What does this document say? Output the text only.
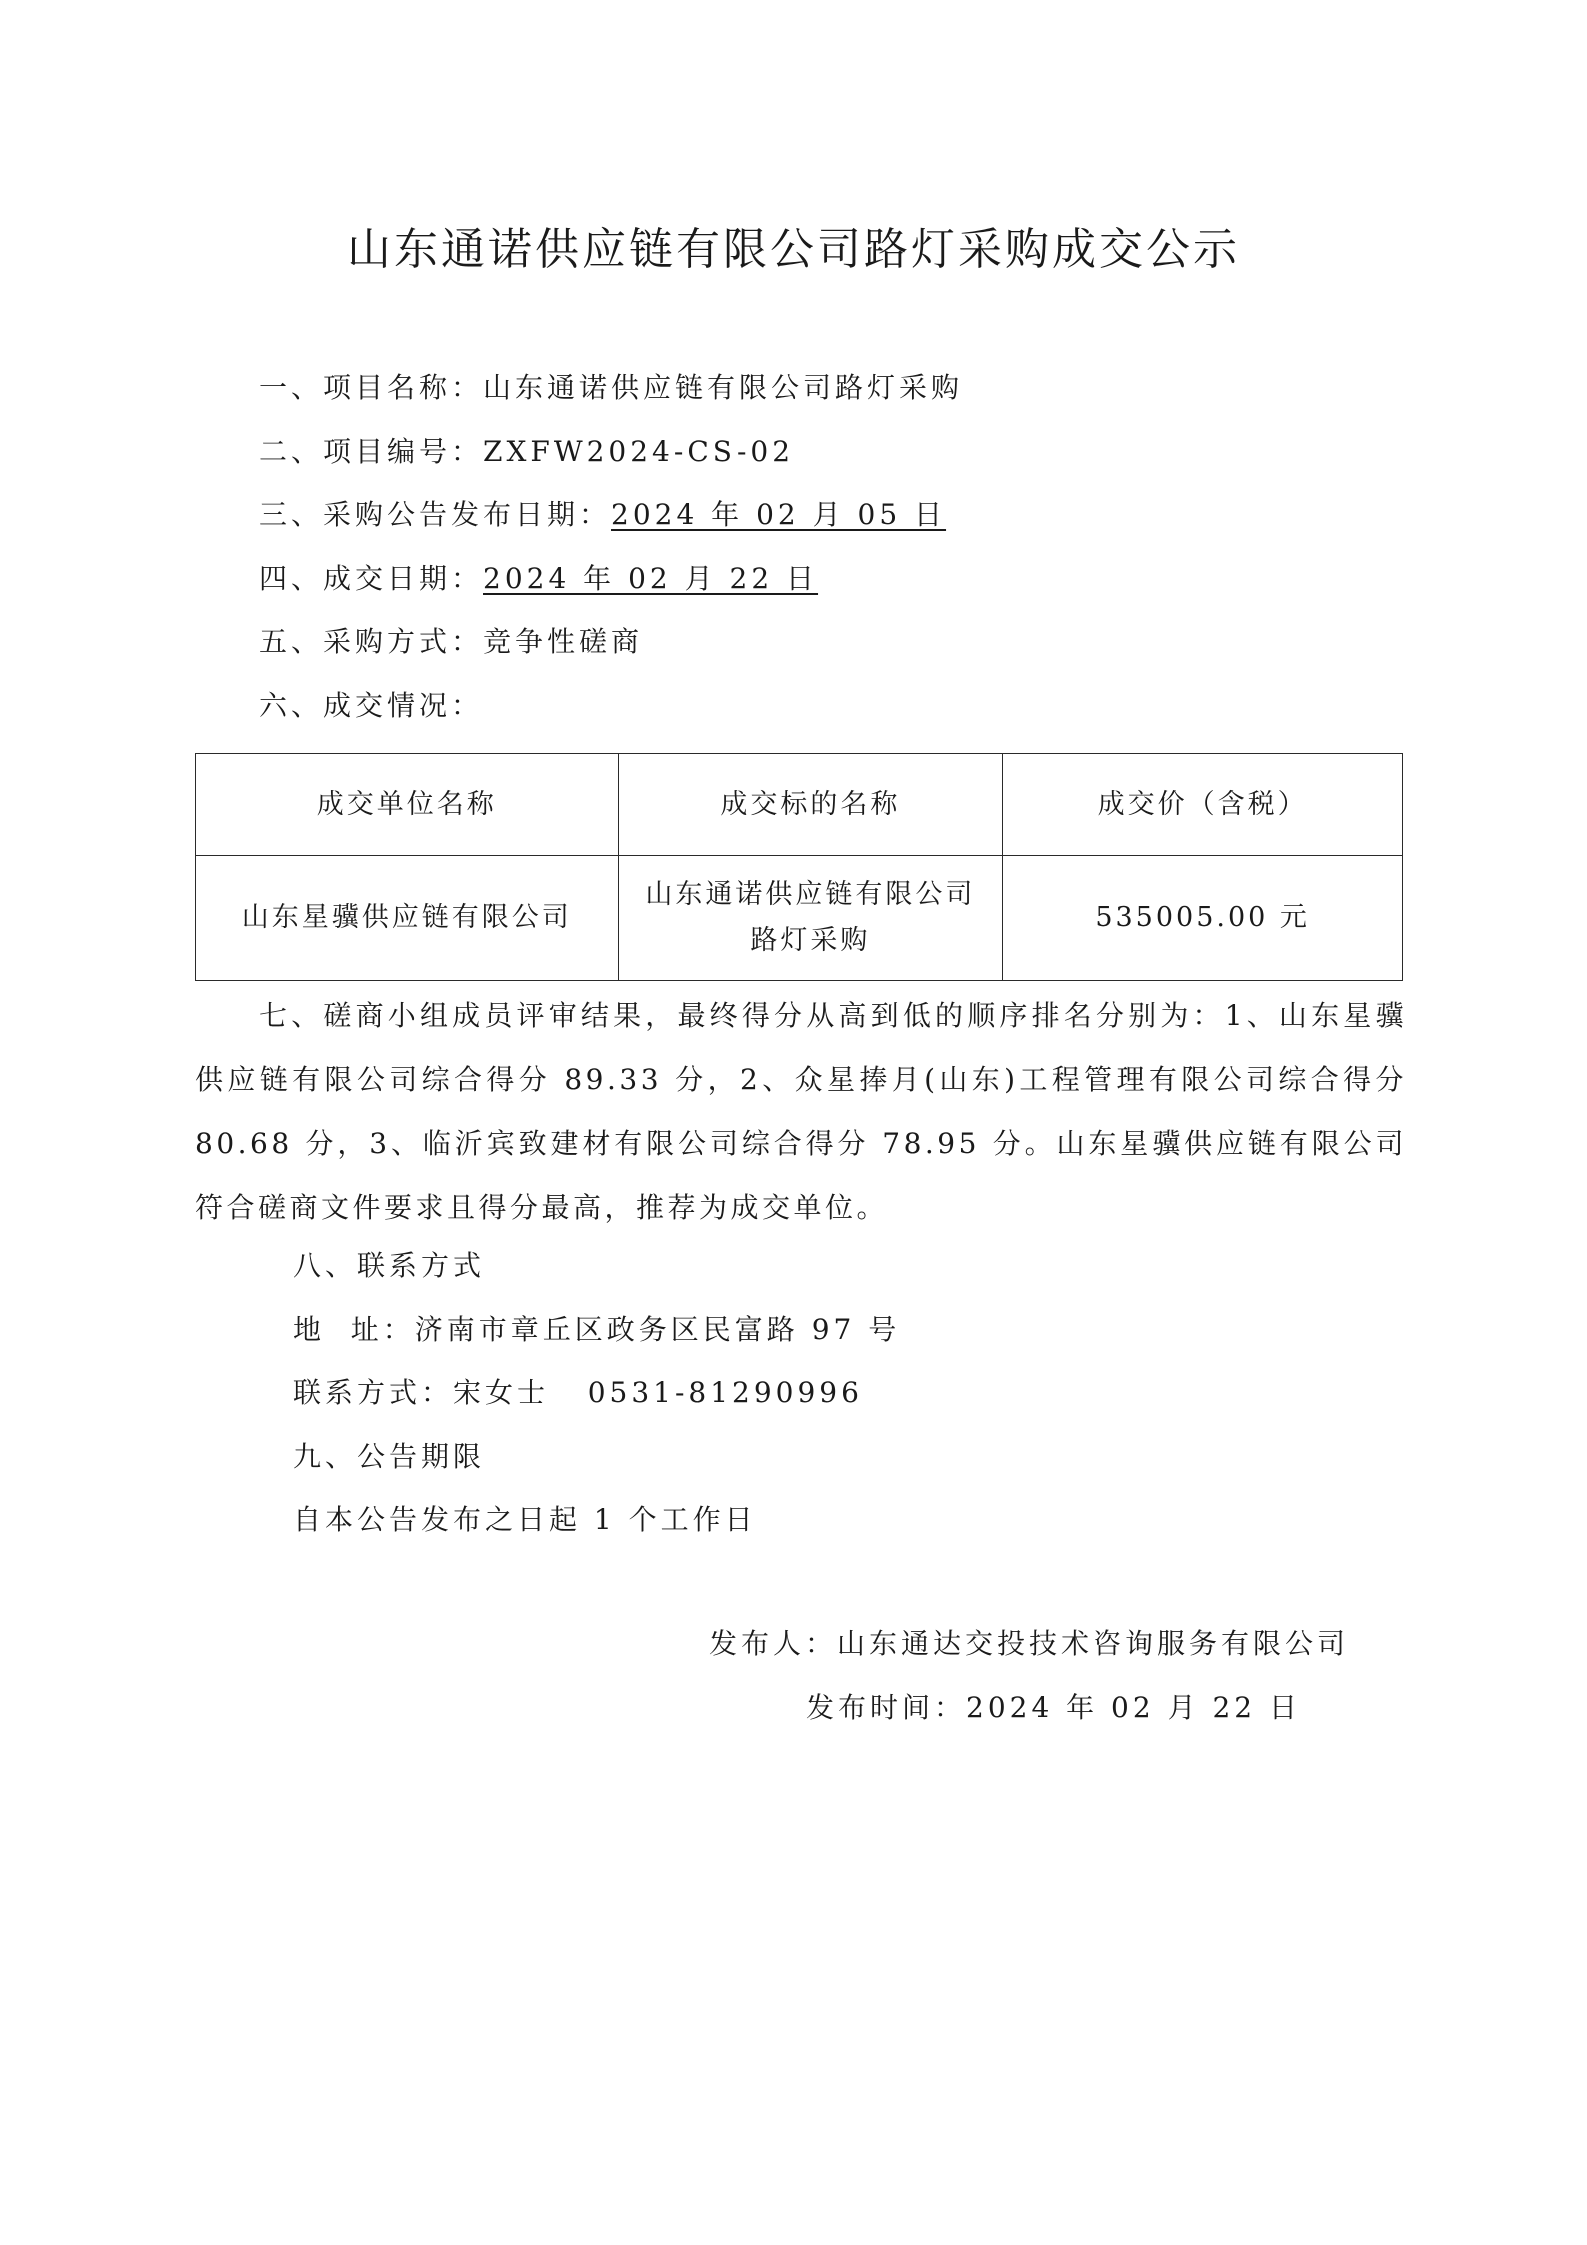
山东通诺供应链有限公司路灯采购成交公示
一、项目名称：山东通诺供应链有限公司路灯采购
二、项目编号：ZXFW2024-CS-02
三、采购公告发布日期：2024 年 02 月 05 日
四、成交日期：2024 年 02 月 22 日
五、采购方式：竞争性磋商
六、成交情况：
成交单位名称	成交标的名称	成交价（含税）
山东星骥供应链有限公司	山东通诺供应链有限公司路灯采购	535005.00 元
七、磋商小组成员评审结果，最终得分从高到低的顺序排名分别为：1、山东星骥供应链有限公司综合得分 89.33 分，2、众星捧月(山东)工程管理有限公司综合得分 80.68 分，3、临沂宾致建材有限公司综合得分 78.95 分。山东星骥供应链有限公司符合磋商文件要求且得分最高，推荐为成交单位。
八、联系方式
地  址：济南市章丘区政务区民富路 97 号
联系方式：宋女士   0531-81290996
九、公告期限
自本公告发布之日起 1 个工作日
发布人：山东通达交投技术咨询服务有限公司
发布时间：2024 年 02 月 22 日
